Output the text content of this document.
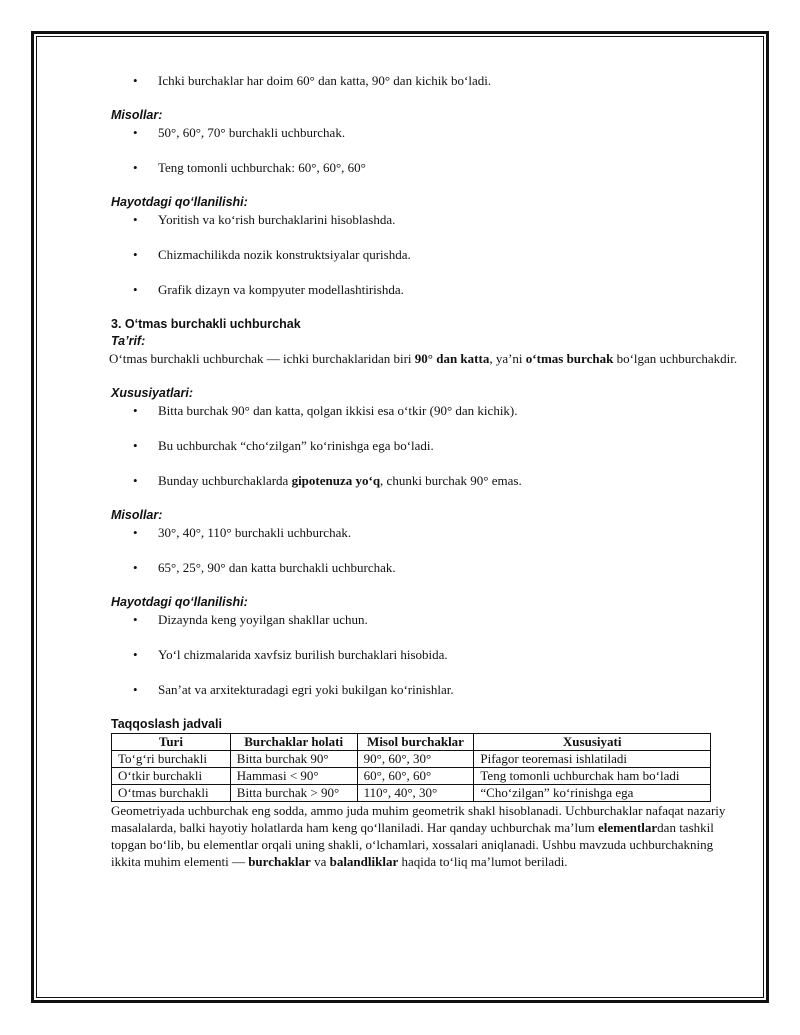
• Ichki burchaklar har doim 60° dan katta, 90° dan kichik bo‘ladi.

Misollar:

• 50°, 60°, 70° burchakli uchburchak.

• Teng tomonli uchburchak: 60°, 60°, 60°

Hayotdagi qo‘llanilishi:

• Yoritish va ko‘rish burchaklarini hisoblashda.

• Chizmachilikda nozik konstruktsiyalar qurishda.

• Grafik dizayn va kompyuter modellashtirishda.

3. O‘tmas burchakli uchburchak

Ta’rif:

O‘tmas burchakli uchburchak — ichki burchaklaridan biri 90° dan katta, ya’ni o‘tmas burchak bo‘lgan uchburchakdir.

Xususiyatlari:

• Bitta burchak 90° dan katta, qolgan ikkisi esa o‘tkir (90° dan kichik).

• Bu uchburchak “cho‘zilgan” ko‘rinishga ega bo‘ladi.

• Bunday uchburchaklarda gipotenuza yo‘q, chunki burchak 90° emas.

Misollar:

• 30°, 40°, 110° burchakli uchburchak.

• 65°, 25°, 90° dan katta burchakli uchburchak.

Hayotdagi qo‘llanilishi:

• Dizaynda keng yoyilgan shakllar uchun.

• Yo‘l chizmalarida xavfsiz burilish burchaklari hisobida.

• San’at va arxitekturadagi egri yoki bukilgan ko‘rinishlar.

Taqqoslash jadvali

Turi	Burchaklar holati	Misol burchaklar	Xususiyati
To‘g‘ri burchakli	Bitta burchak 90°	90°, 60°, 30°	Pifagor teoremasi ishlatiladi
O‘tkir burchakli	Hammasi < 90°	60°, 60°, 60°	Teng tomonli uchburchak ham bo‘ladi
O‘tmas burchakli	Bitta burchak > 90°	110°, 40°, 30°	“Cho‘zilgan” ko‘rinishga ega

Geometriyada uchburchak eng sodda, ammo juda muhim geometrik shakl hisoblanadi. Uchburchaklar nafaqat nazariy masalalarda, balki hayotiy holatlarda ham keng qo‘llaniladi. Har qanday uchburchak ma’lum elementlardan tashkil topgan bo‘lib, bu elementlar orqali uning shakli, o‘lchamlari, xossalari aniqlanadi. Ushbu mavzuda uchburchakning ikkita muhim elementi — burchaklar va balandliklar haqida to‘liq ma’lumot beriladi.
